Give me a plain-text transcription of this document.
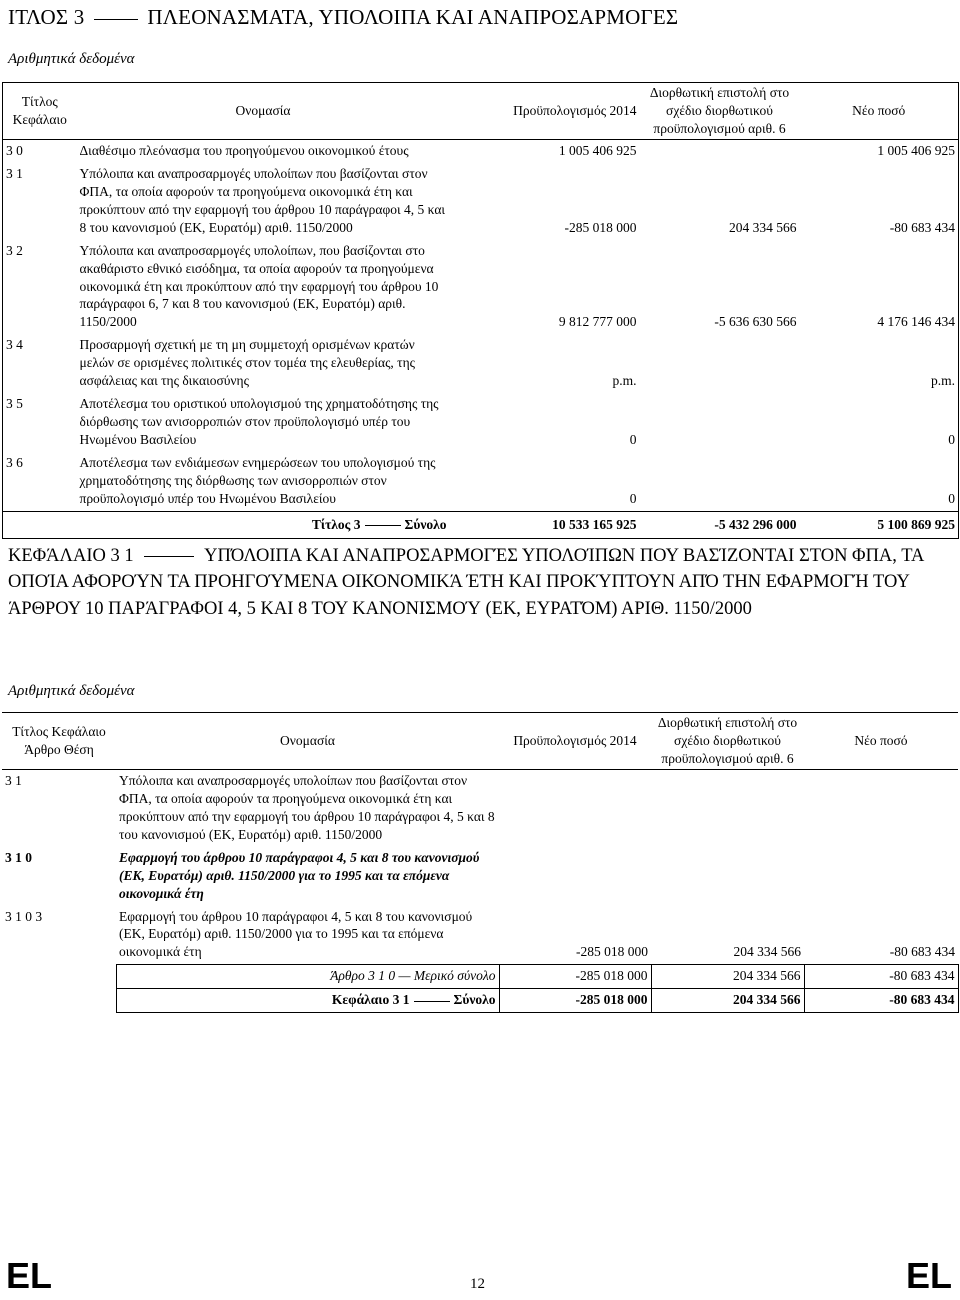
ΙΤΛΟΣ 3	ΠΛΕΟΝΑΣΜΑΤΑ, ΥΠΟΛΟΙΠΑ ΚΑΙ ΑΝΑΠΡΟΣΑΡΜΟΓΕΣ
Αριθμητικά δεδομένα
Τίτλος Κεφάλαιο	Ονομασία	Προϋπολογισμός 2014	Διορθωτική επιστολή στο σχέδιο διορθωτικού προϋπολογισμού αριθ. 6	Νέο ποσό
3 0	Διαθέσιμο πλεόνασμα του προηγούμενου οικονομικού έτους	1 005 406 925		1 005 406 925
3 1	Υπόλοιπα και αναπροσαρμογές υπολοίπων που βασίζονται στον ΦΠΑ, τα οποία αφορούν τα προηγούμενα οικονομικά έτη και προκύπτουν από την εφαρμογή του άρθρου 10 παράγραφοι 4, 5 και 8 του κανονισμού (ΕΚ, Ευρατόμ) αριθ. 1150/2000	-285 018 000	204 334 566	-80 683 434
3 2	Υπόλοιπα και αναπροσαρμογές υπολοίπων, που βασίζονται στο ακαθάριστο εθνικό εισόδημα, τα οποία αφορούν τα προηγούμενα οικονομικά έτη και προκύπτουν από την εφαρμογή του άρθρου 10 παράγραφοι 6, 7 και 8 του κανονισμού (ΕΚ, Ευρατόμ) αριθ. 1150/2000	9 812 777 000	-5 636 630 566	4 176 146 434
3 4	Προσαρμογή σχετική με τη μη συμμετοχή ορισμένων κρατών μελών σε ορισμένες πολιτικές στον τομέα της ελευθερίας, της ασφάλειας και της δικαιοσύνης	p.m.		p.m.
3 5	Αποτέλεσμα του οριστικού υπολογισμού της χρηματοδότησης της διόρθωσης των ανισορροπιών στον προϋπολογισμό υπέρ του Ηνωμένου Βασιλείου	0		0
3 6	Αποτέλεσμα των ενδιάμεσων ενημερώσεων του υπολογισμού της χρηματοδότησης της διόρθωσης των ανισορροπιών στον προϋπολογισμό υπέρ του Ηνωμένου Βασιλείου	0		0
	Τίτλος 3 Σύνολο	10 533 165 925	-5 432 296 000	5 100 869 925
ΚΕΦΆΛΑΙΟ 3 1	ΥΠΌΛΟΙΠΑ ΚΑΙ ΑΝΑΠΡΟΣΑΡΜΟΓΈΣ ΥΠΟΛΟΊΠΩΝ ΠΟΥ ΒΑΣΊΖΟΝΤΑΙ ΣΤΟΝ ΦΠΑ, ΤΑ ΟΠΟΊΑ ΑΦΟΡΟΎΝ ΤΑ ΠΡΟΗΓΟΎΜΕΝΑ ΟΙΚΟΝΟΜΙΚΆ ΈΤΗ ΚΑΙ ΠΡΟΚΎΠΤΟΥΝ ΑΠΌ ΤΗΝ ΕΦΑΡΜΟΓΉ ΤΟΥ ΆΡΘΡΟΥ 10 ΠΑΡΆΓΡΑΦΟΙ 4, 5 ΚΑΙ 8 ΤΟΥ ΚΑΝΟΝΙΣΜΟΎ (ΕΚ, ΕΥΡΑΤΌΜ) ΑΡΙΘ. 1150/2000
Αριθμητικά δεδομένα
Τίτλος Κεφάλαιο Άρθρο Θέση	Ονομασία	Προϋπολογισμός 2014	Διορθωτική επιστολή στο σχέδιο διορθωτικού προϋπολογισμού αριθ. 6	Νέο ποσό
3 1	Υπόλοιπα και αναπροσαρμογές υπολοίπων που βασίζονται στον ΦΠΑ, τα οποία αφορούν τα προηγούμενα οικονομικά έτη και προκύπτουν από την εφαρμογή του άρθρου 10 παράγραφοι 4, 5 και 8 του κανονισμού (ΕΚ, Ευρατόμ) αριθ. 1150/2000			
3 1 0	Εφαρμογή του άρθρου 10 παράγραφοι 4, 5 και 8 του κανονισμού (ΕΚ, Ευρατόμ) αριθ. 1150/2000 για το 1995 και τα επόμενα οικονομικά έτη			
3 1 0 3	Εφαρμογή του άρθρου 10 παράγραφοι 4, 5 και 8 του κανονισμού (ΕΚ, Ευρατόμ) αριθ. 1150/2000 για το 1995 και τα επόμενα οικονομικά έτη	-285 018 000	204 334 566	-80 683 434
	Άρθρο 3 1 0 — Μερικό σύνολο	-285 018 000	204 334 566	-80 683 434
	Κεφάλαιο 3 1 Σύνολο	-285 018 000	204 334 566	-80 683 434
EL	12	EL
